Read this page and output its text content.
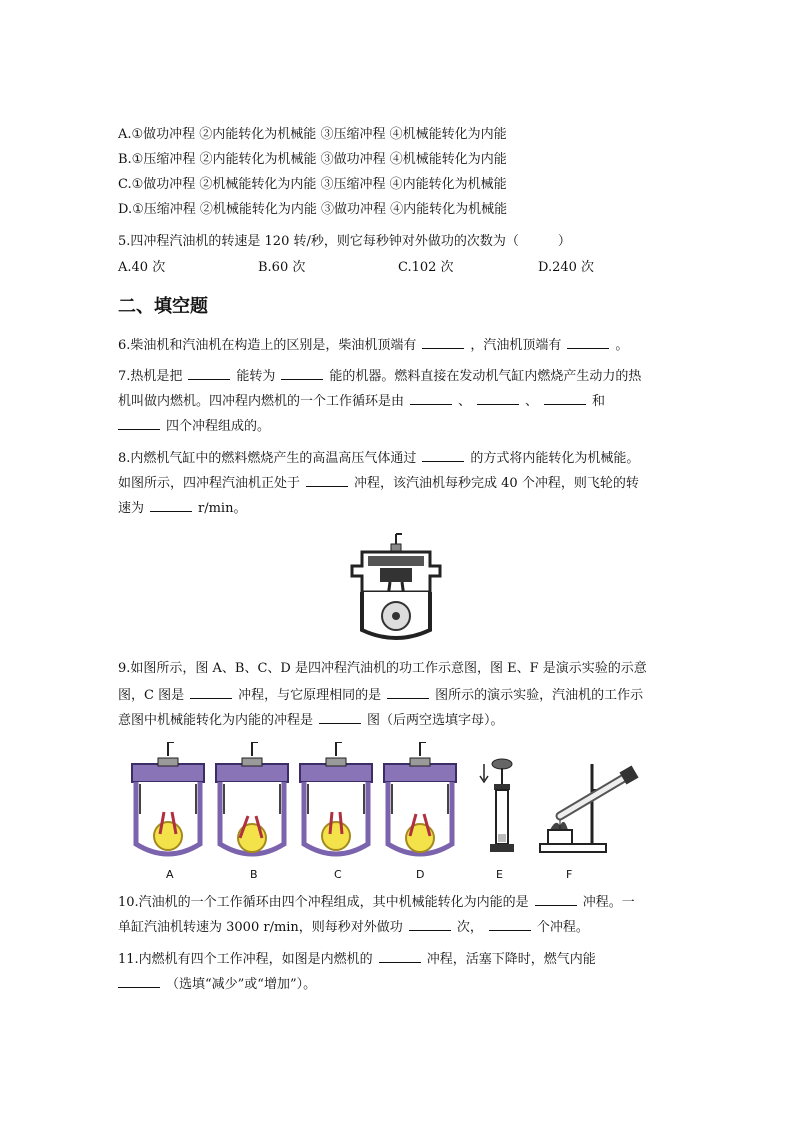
A.①做功冲程 ②内能转化为机械能 ③压缩冲程 ④机械能转化为内能
B.①压缩冲程 ②内能转化为机械能 ③做功冲程 ④机械能转化为内能
C.①做功冲程 ②机械能转化为内能 ③压缩冲程 ④内能转化为机械能
D.①压缩冲程 ②机械能转化为内能 ③做功冲程 ④内能转化为机械能
5.四冲程汽油机的转速是 120 转/秒，则它每秒钟对外做功的次数为（　　　）
A.40 次	B.60 次	C.102 次	D.240 次
二、填空题
6.柴油机和汽油机在构造上的区别是，柴油机顶端有	，汽油机顶端有	。
7.热机是把	能转为	能的机器。燃料直接在发动机气缸内燃烧产生动力的热
机叫做内燃机。四冲程内燃机的一个工作循环是由	、	、	和
四个冲程组成的。
8.内燃机气缸中的燃料燃烧产生的高温高压气体通过	的方式将内能转化为机械能。
如图所示，四冲程汽油机正处于	冲程，该汽油机每秒完成 40 个冲程，则飞轮的转
速为	r/min。
9.如图所示，图 A、B、C、D 是四冲程汽油机的功工作示意图，图 E、F 是演示实验的示意
图，C 图是	冲程，与它原理相同的是	图所示的演示实验，汽油机的工作示
意图中机械能转化为内能的冲程是	图（后两空选填字母）。
A	B	C	D	E	F
10.汽油机的一个工作循环由四个冲程组成，其中机械能转化为内能的是	冲程。一
单缸汽油机转速为 3000 r/min，则每秒对外做功	次，	个冲程。
11.内燃机有四个工作冲程，如图是内燃机的	冲程，活塞下降时，燃气内能
（选填“减少”或“增加”）。
